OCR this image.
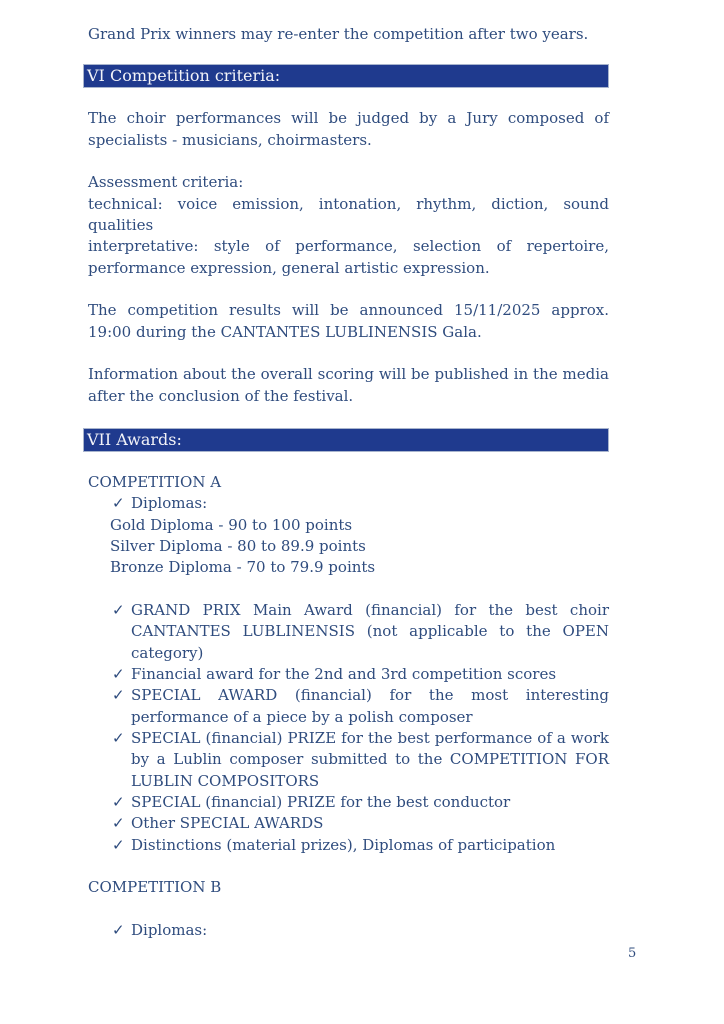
Grand Prix winners may re-enter the competition after two years.

VI Competition criteria:

The choir performances will be judged by a Jury composed of specialists - musicians, choirmasters.

Assessment criteria:

technical: voice emission, intonation, rhythm, diction, sound qualities

interpretative: style of performance, selection of repertoire, performance expression, general artistic expression.

The competition results will be announced 15/11/2025 approx. 19:00 during the CANTANTES LUBLINENSIS Gala.

Information about the overall scoring will be published in the media after the conclusion of the festival.

VII Awards:

COMPETITION A

✓ Diplomas:

Gold Diploma - 90 to 100 points

Silver Diploma - 80 to 89.9 points

Bronze Diploma - 70 to 79.9 points

✓ GRAND PRIX Main Award (financial) for the best choir CANTANTES LUBLINENSIS (not applicable to the OPEN category)
✓ Financial award for the 2nd and 3rd competition scores
✓ SPECIAL AWARD (financial) for the most interesting performance of a piece by a polish composer
✓ SPECIAL (financial) PRIZE for the best performance of a work by a Lublin composer submitted to the COMPETITION FOR LUBLIN COMPOSITORS
✓ SPECIAL (financial) PRIZE for the best conductor
✓ Other SPECIAL AWARDS
✓ Distinctions (material prizes), Diplomas of participation

COMPETITION B

✓ Diplomas:
5
